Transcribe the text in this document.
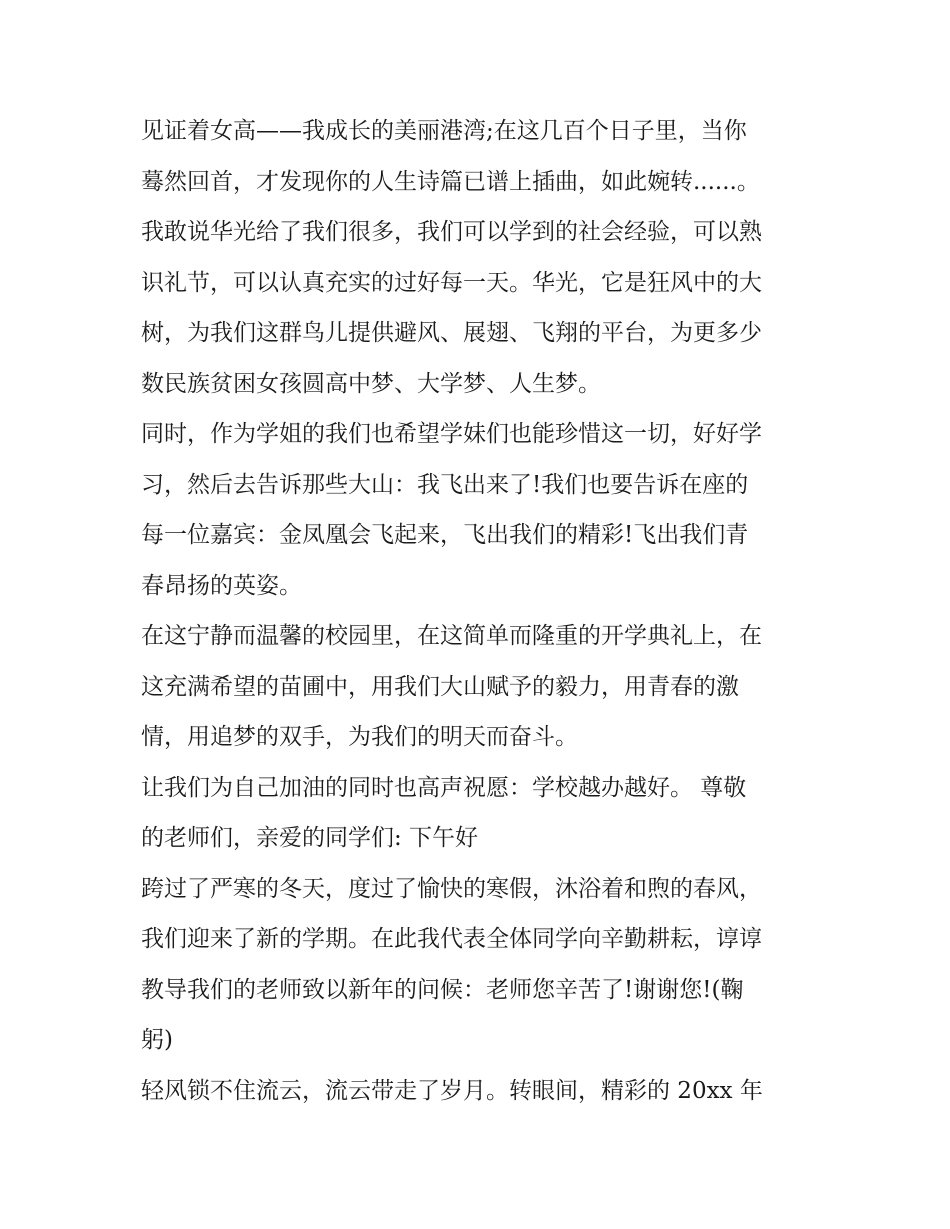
见证着女高——我成长的美丽港湾;在这几百个日子里，当你
蓦然回首，才发现你的人生诗篇已谱上插曲，如此婉转......。
我敢说华光给了我们很多，我们可以学到的社会经验，可以熟
识礼节，可以认真充实的过好每一天。华光，它是狂风中的大
树，为我们这群鸟儿提供避风、展翅、飞翔的平台，为更多少
数民族贫困女孩圆高中梦、大学梦、人生梦。
同时，作为学姐的我们也希望学妹们也能珍惜这一切，好好学
习，然后去告诉那些大山：我飞出来了!我们也要告诉在座的
每一位嘉宾：金凤凰会飞起来，飞出我们的精彩!飞出我们青
春昂扬的英姿。
在这宁静而温馨的校园里，在这简单而隆重的开学典礼上，在
这充满希望的苗圃中，用我们大山赋予的毅力，用青春的激
情，用追梦的双手，为我们的明天而奋斗。
让我们为自己加油的同时也高声祝愿：学校越办越好。 尊敬
的老师们，亲爱的同学们: 下午好
跨过了严寒的冬天，度过了愉快的寒假，沐浴着和煦的春风，
我们迎来了新的学期。在此我代表全体同学向辛勤耕耘，谆谆
教导我们的老师致以新年的问候：老师您辛苦了!谢谢您!(鞠
躬)
轻风锁不住流云，流云带走了岁月。转眼间，精彩的 20xx 年
